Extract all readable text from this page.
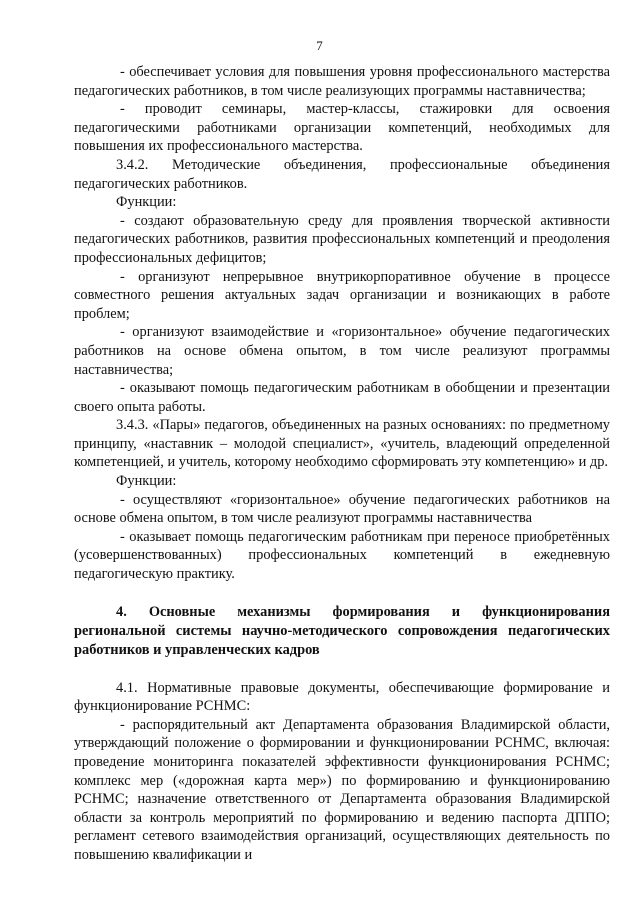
7

- обеспечивает условия для повышения уровня профессионального мастерства педагогических работников, в том числе реализующих программы наставничества;

- проводит семинары, мастер-классы, стажировки для освоения педагогическими работниками организации компетенций, необходимых для повышения их профессионального мастерства.

3.4.2. Методические объединения, профессиональные объединения педагогических работников.

Функции:

- создают образовательную среду для проявления творческой активности педагогических работников, развития профессиональных компетенций и преодоления профессиональных дефицитов;

- организуют непрерывное внутрикорпоративное обучение в процессе совместного решения актуальных задач организации и возникающих в работе проблем;

- организуют взаимодействие и «горизонтальное» обучение педагогических работников на основе обмена опытом, в том числе реализуют программы наставничества;

- оказывают помощь педагогическим работникам в обобщении и презентации своего опыта работы.

3.4.3. «Пары» педагогов, объединенных на разных основаниях: по предметному принципу, «наставник – молодой специалист», «учитель, владеющий определенной компетенцией, и учитель, которому необходимо сформировать эту компетенцию» и др.

Функции:

- осуществляют «горизонтальное» обучение педагогических работников на основе обмена опытом, в том числе реализуют программы наставничества

- оказывает помощь педагогическим работникам при переносе приобретённых (усовершенствованных) профессиональных компетенций в ежедневную педагогическую практику.

4. Основные механизмы формирования и функционирования региональной системы научно-методического сопровождения педагогических работников и управленческих кадров

4.1. Нормативные правовые документы, обеспечивающие формирование и функционирование РСНМС:

- распорядительный акт Департамента образования Владимирской области, утверждающий положение о формировании и функционировании РСНМС, включая: проведение мониторинга показателей эффективности функционирования РСНМС; комплекс мер («дорожная карта мер») по формированию и функционированию РСНМС; назначение ответственного от Департамента образования Владимирской области за контроль мероприятий по формированию и ведению паспорта ДППО; регламент сетевого взаимодействия организаций, осуществляющих деятельность по повышению квалификации и
